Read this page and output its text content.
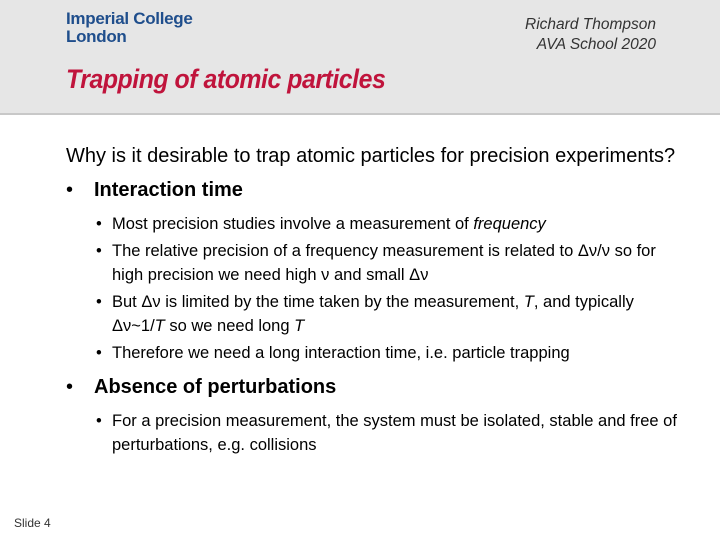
Imperial College
London
Richard Thompson
AVA School 2020
Trapping of atomic particles

Why is it desirable to trap atomic particles for precision experiments?

• Interaction time
• Most precision studies involve a measurement of frequency
• The relative precision of a frequency measurement is related to Δν/ν so for high precision we need high ν and small Δν
• But Δν is limited by the time taken by the measurement, T, and typically Δν~1/T so we need long T
• Therefore we need a long interaction time, i.e. particle trapping
• Absence of perturbations
• For a precision measurement, the system must be isolated, stable and free of perturbations, e.g. collisions
Slide 4
